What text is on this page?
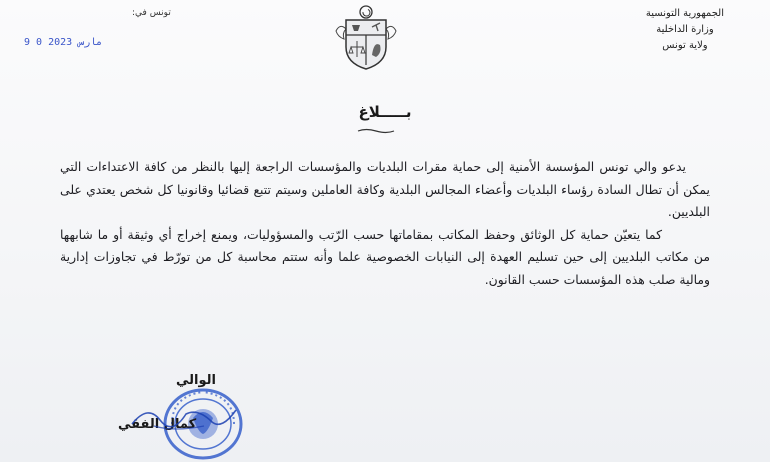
الجمهورية التونسية
وزارة الداخلية
ولاية تونس
تونس في:
9 0 مارس 2023
بـــــلاغ

يدعو والي تونس المؤسسة الأمنية إلى حماية مقرات البلديات والمؤسسات الراجعة إليها بالنظر من كافة الاعتداءات التي يمكن أن تطال السادة رؤساء البلديات وأعضاء المجالس البلدية وكافة العاملين وسيتم تتبع قضائيا وقانونيا كل شخص يعتدي على البلديين.

كما يتعيّن حماية كل الوثائق وحفظ المكاتب بمقاماتها حسب الرّتب والمسؤوليات، ويمنع إخراج أي وثيقة أو ما شابهها من مكاتب البلديين إلى حين تسليم العهدة إلى النيابات الخصوصية علما وأنه ستتم محاسبة كل من تورّط في تجاوزات إدارية ومالية صلب هذه المؤسسات حسب القانون.

الوالي
كمال الفقي
